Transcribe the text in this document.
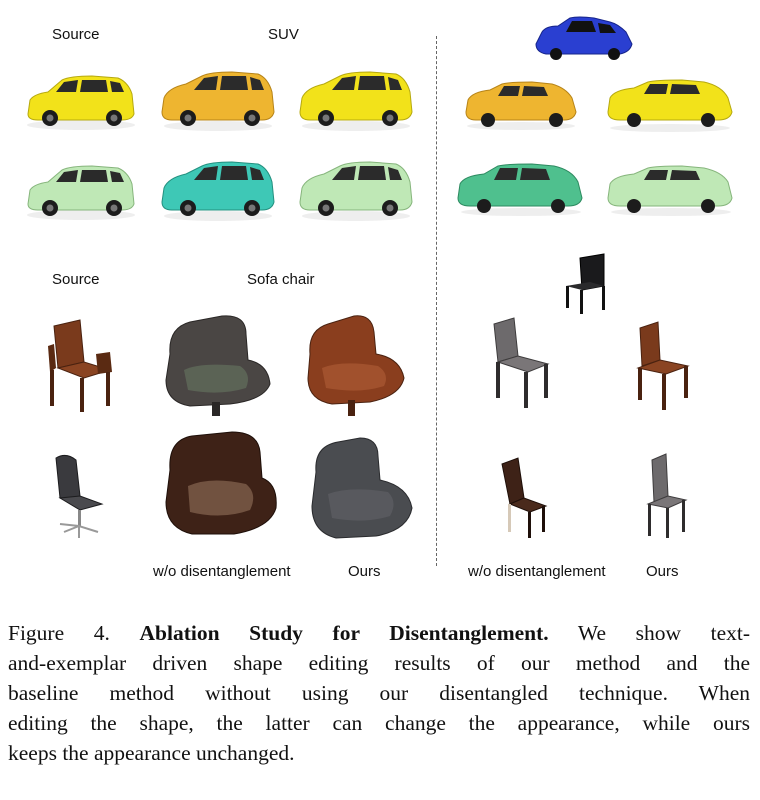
Source	SUV
Source	Sofa chair
w/o disentanglement	Ours	w/o disentanglement	Ours
Figure 4. Ablation Study for Disentanglement. We show text-
and-exemplar driven shape editing results of our method and the
baseline method without using our disentangled technique. When
editing the shape, the latter can change the appearance, while ours
keeps the appearance unchanged.
